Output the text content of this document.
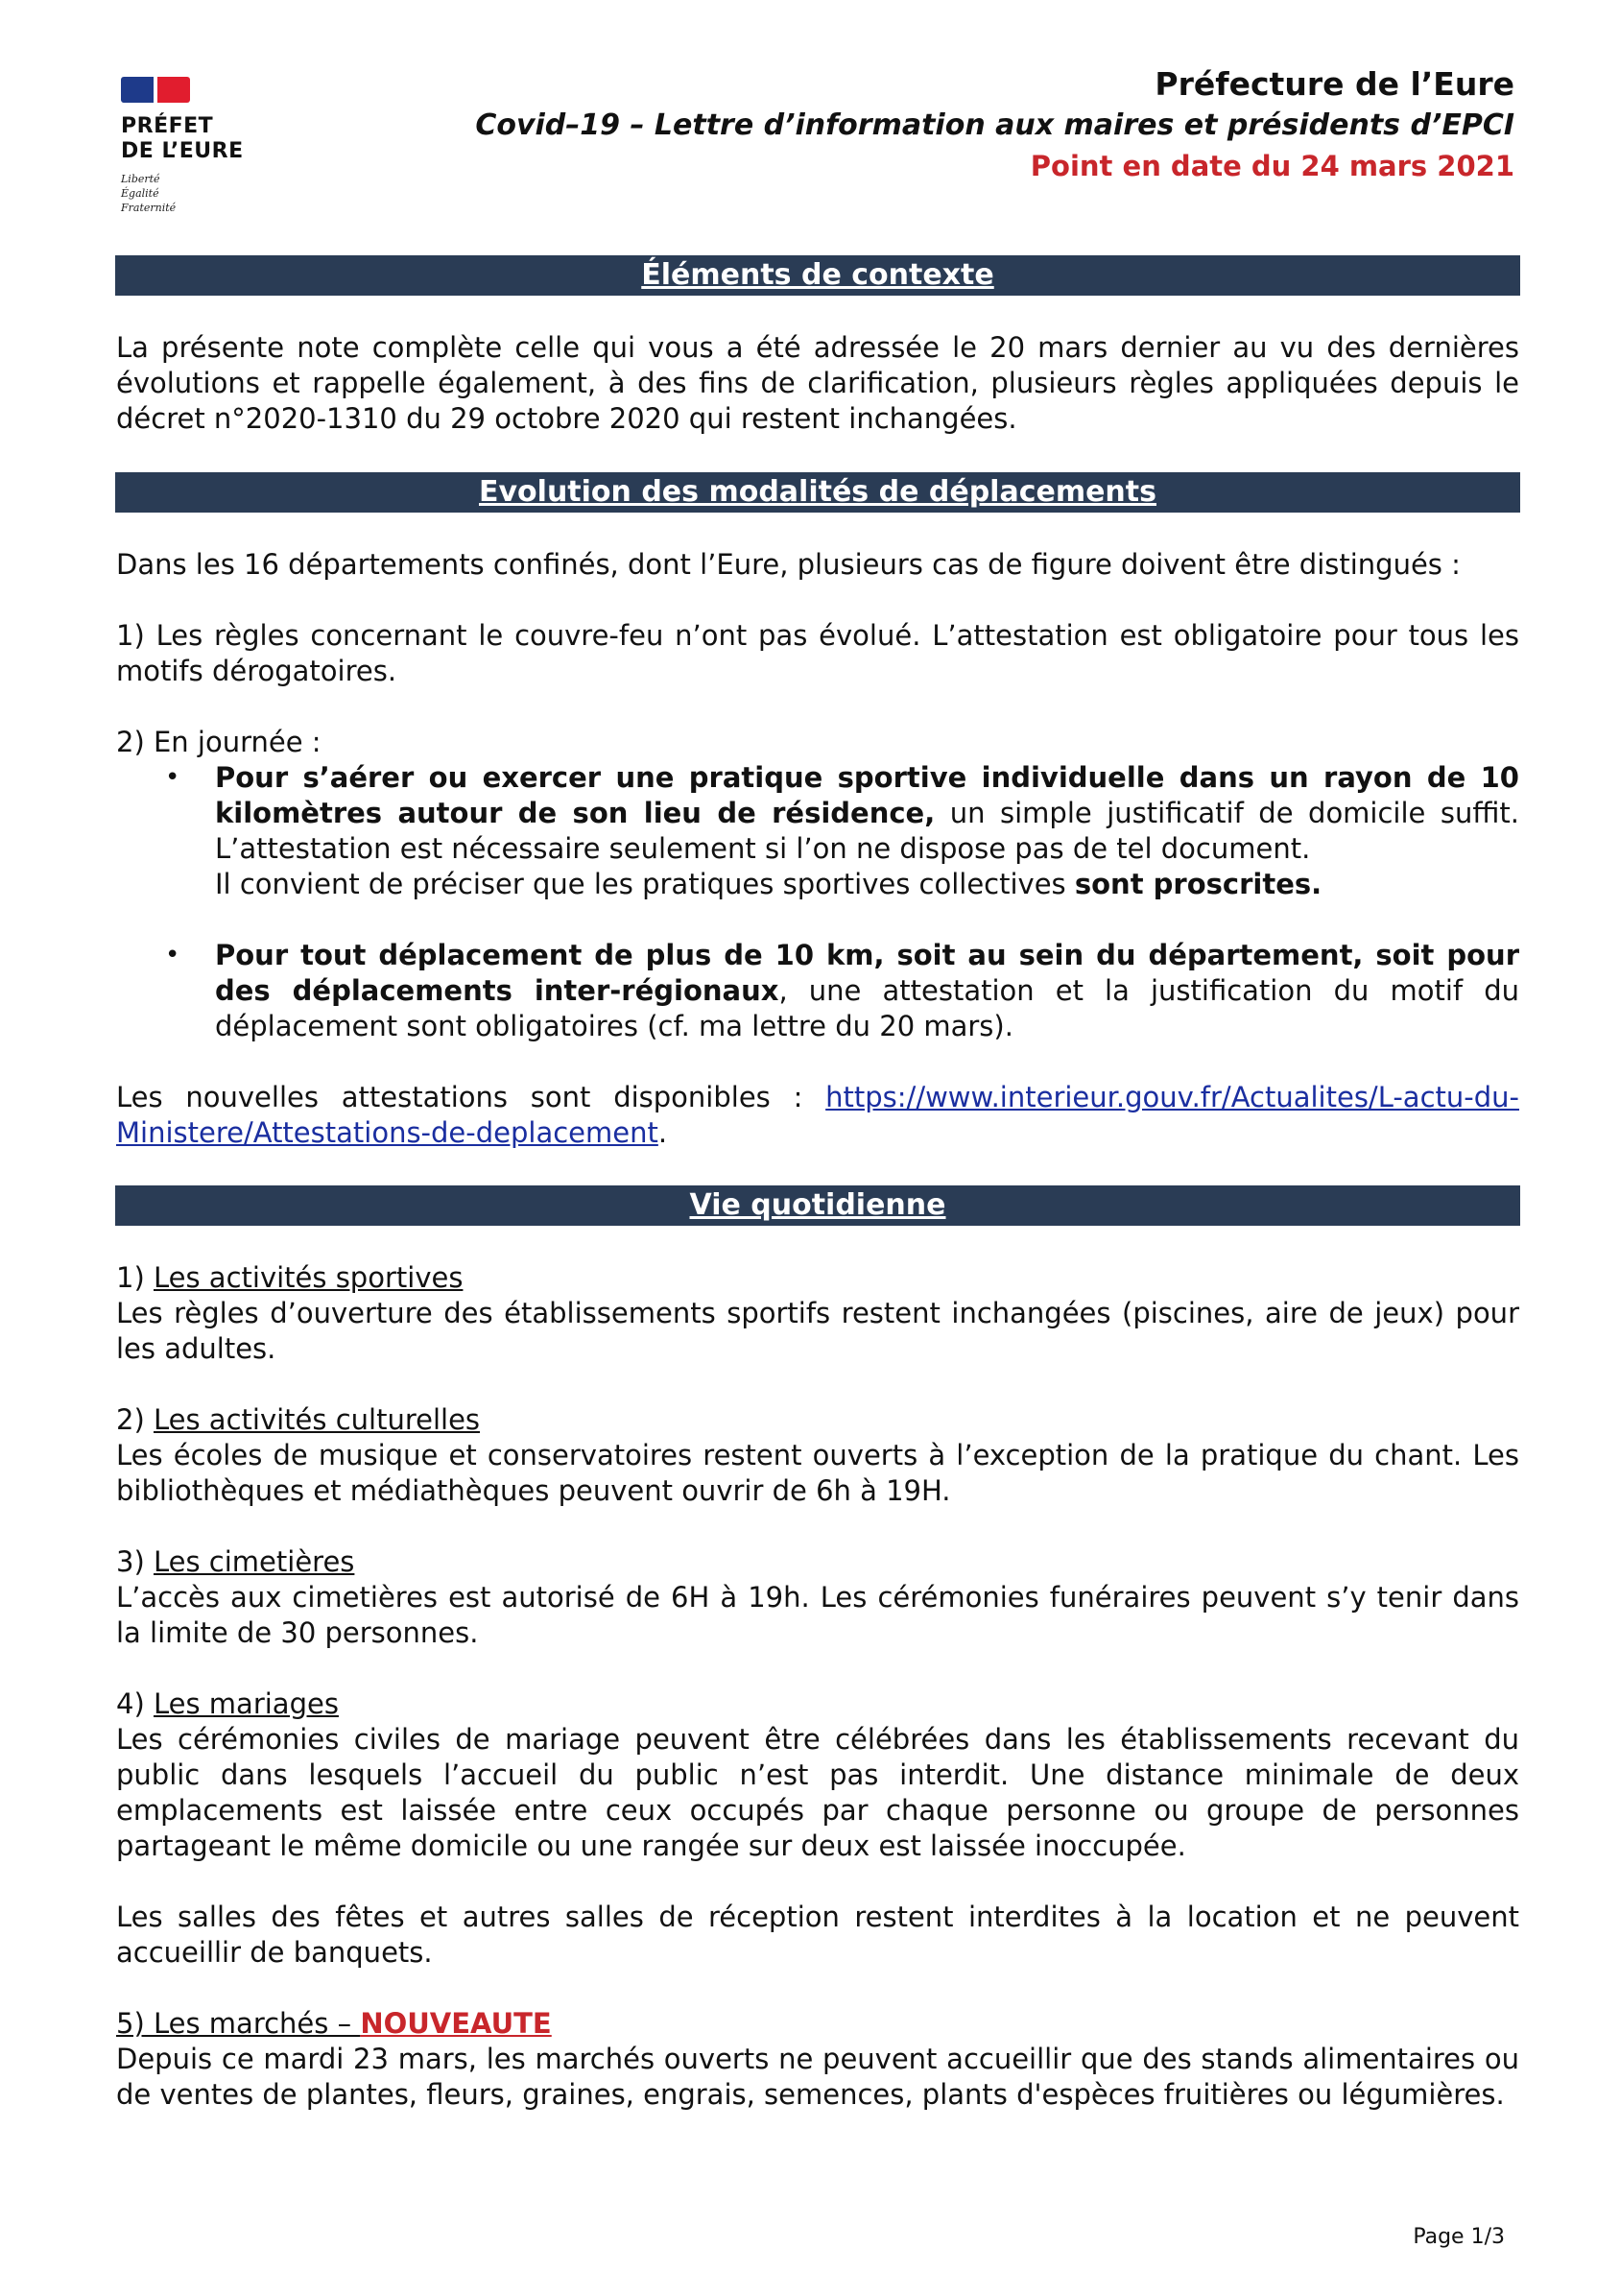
PRÉFET
DE L’EURE
Liberté
Égalité
Fraternité
Préfecture de l’Eure
Covid–19 – Lettre d’information aux maires et présidents d’EPCI
Point en date du 24 mars 2021
Éléments de contexte
La présente note complète celle qui vous a été adressée le 20 mars dernier au vu des dernières évolutions et rappelle également, à des fins de clarification, plusieurs règles appliquées depuis le décret n°2020-1310 du 29 octobre 2020 qui restent inchangées.
Evolution des modalités de déplacements
Dans les 16 départements confinés, dont l’Eure, plusieurs cas de figure doivent être distingués :
1) Les règles concernant le couvre-feu n’ont pas évolué. L’attestation est obligatoire pour tous les motifs dérogatoires.
2) En journée :
• Pour s’aérer ou exercer une pratique sportive individuelle dans un rayon de 10 kilomètres autour de son lieu de résidence, un simple justificatif de domicile suffit. L’attestation est nécessaire seulement si l’on ne dispose pas de tel document.
Il convient de préciser que les pratiques sportives collectives sont proscrites.
• Pour tout déplacement de plus de 10 km, soit au sein du département, soit pour des déplacements inter-régionaux, une attestation et la justification du motif du déplacement sont obligatoires (cf. ma lettre du 20 mars).
Les nouvelles attestations sont disponibles : https://www.interieur.gouv.fr/Actualites/L-actu-du-Ministere/Attestations-de-deplacement.
Vie quotidienne
1) Les activités sportives
Les règles d’ouverture des établissements sportifs restent inchangées (piscines, aire de jeux) pour les adultes.
2) Les activités culturelles
Les écoles de musique et conservatoires restent ouverts à l’exception de la pratique du chant. Les bibliothèques et médiathèques peuvent ouvrir de 6h à 19H.
3) Les cimetières
L’accès aux cimetières est autorisé de 6H à 19h. Les cérémonies funéraires peuvent s’y tenir dans la limite de 30 personnes.
4) Les mariages
Les cérémonies civiles de mariage peuvent être célébrées dans les établissements recevant du public dans lesquels l’accueil du public n’est pas interdit. Une distance minimale de deux emplacements est laissée entre ceux occupés par chaque personne ou groupe de personnes partageant le même domicile ou une rangée sur deux est laissée inoccupée.
Les salles des fêtes et autres salles de réception restent interdites à la location et ne peuvent accueillir de banquets.
5) Les marchés – NOUVEAUTE
Depuis ce mardi 23 mars, les marchés ouverts ne peuvent accueillir que des stands alimentaires ou de ventes de plantes, fleurs, graines, engrais, semences, plants d'espèces fruitières ou légumières.
Page 1/3
